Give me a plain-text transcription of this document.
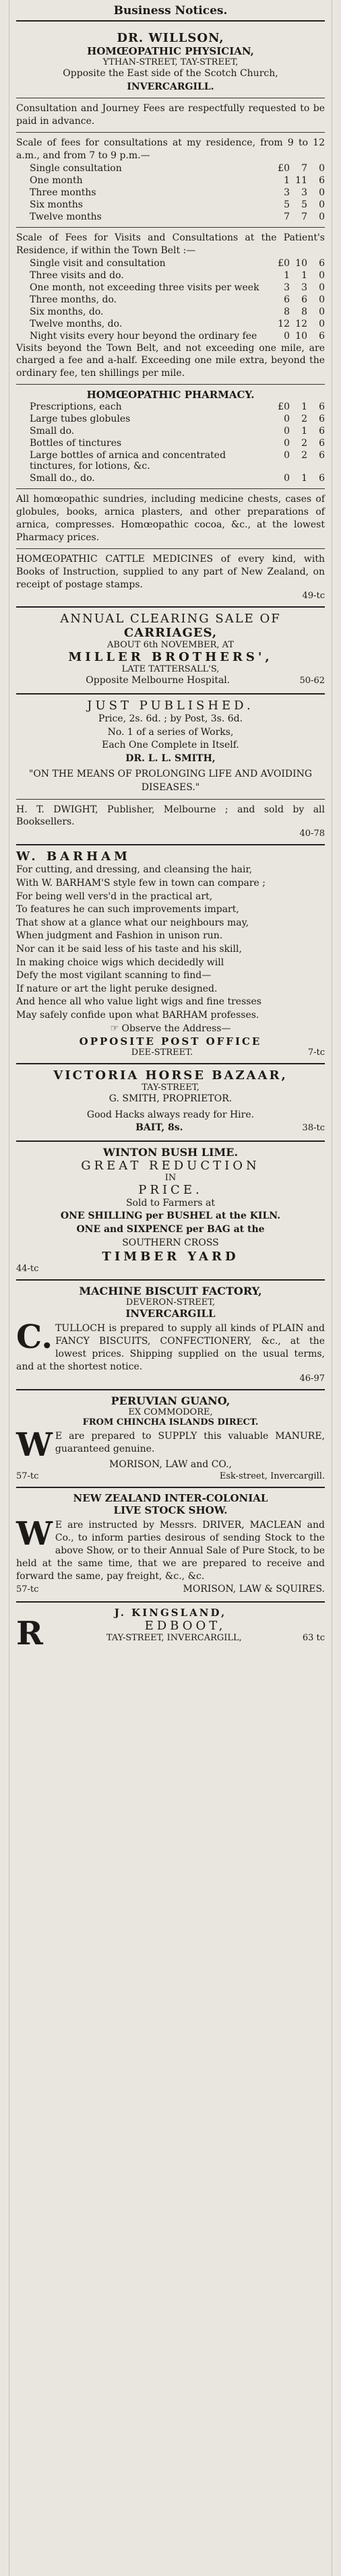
Business Notices.
DR. WILLSON,
HOMŒOPATHIC PHYSICIAN,
YTHAN-STREET, TAY-STREET,
Opposite the East side of the Scotch Church,
INVERCARGILL.
Consultation and Journey Fees are respectfully requested to be paid in advance.
Scale of fees for consultations at my residence, from 9 to 12 a.m., and from 7 to 9 p.m.—
Single consultation	£0	7	0
One month	1	11	6
Three months	3	3	0
Six months	5	5	0
Twelve months	7	7	0
Scale of Fees for Visits and Consultations at the Patient's Residence, if within the Town Belt :—
Single visit and consultation	£0	10	6
Three visits and do.	1	1	0
One month, not exceeding three visits per week	3	3	0
Three months, do.	6	6	0
Six months, do.	8	8	0
Twelve months, do.	12	12	0
Night visits every hour beyond the ordinary fee	0	10	6
Visits beyond the Town Belt, and not exceeding one mile, are charged a fee and a-half. Exceeding one mile extra, beyond the ordinary fee, ten shillings per mile.
HOMŒOPATHIC PHARMACY.
Prescriptions, each	£0	1	6
Large tubes globules	0	2	6
Small do.	0	1	6
Bottles of tinctures	0	2	6
Large bottles of arnica and concentrated tinctures, for lotions, &c.	0	2	6
Small do., do.	0	1	6
All homœopathic sundries, including medicine chests, cases of globules, books, arnica plasters, and other preparations of arnica, compresses. Homœopathic cocoa, &c., at the lowest Pharmacy prices.
HOMŒOPATHIC CATTLE MEDICINES of every kind, with Books of Instruction, supplied to any part of New Zealand, on receipt of postage stamps.
49-tc
ANNUAL CLEARING SALE OF
CARRIAGES,
ABOUT 6th NOVEMBER, AT
MILLER BROTHERS',
LATE TATTERSALL'S,
Opposite Melbourne Hospital.	50-62
JUST PUBLISHED.
Price, 2s. 6d. ; by Post, 3s. 6d.
No. 1 of a series of Works,
Each One Complete in Itself.
DR. L. L. SMITH,
"ON THE MEANS OF PROLONGING LIFE AND AVOIDING DISEASES."
H. T. DWIGHT, Publisher, Melbourne ; and sold by all Booksellers.
40-78
W. BARHAM
For cutting, and dressing, and cleansing the hair,
With W. BARHAM'S style few in town can compare ;
For being well vers'd in the practical art,
To features he can such improvements impart,
That show at a glance what our neighbours may,
When judgment and Fashion in unison run.
Nor can it be said less of his taste and his skill,
In making choice wigs which decidedly will
Defy the most vigilant scanning to find—
If nature or art the light peruke designed.
And hence all who value light wigs and fine tresses
May safely confide upon what BARHAM professes.
☞ Observe the Address—
OPPOSITE POST OFFICE
DEE-STREET.	7-tc
VICTORIA HORSE BAZAAR,
TAY-STREET,
G. SMITH, PROPRIETOR.
Good Hacks always ready for Hire.
BAIT, 8s.	38-tc
WINTON BUSH LIME.
GREAT REDUCTION
IN
PRICE.
Sold to Farmers at
ONE SHILLING per BUSHEL at the KILN.
ONE and SIXPENCE per BAG at the
SOUTHERN CROSS
TIMBER YARD
44-tc
MACHINE BISCUIT FACTORY,
DEVERON-STREET,
INVERCARGILL
C. TULLOCH is prepared to supply all kinds of PLAIN and FANCY BISCUITS, CONFECTIONERY, &c., at the lowest prices. Shipping supplied on the usual terms, and at the shortest notice.
46-97
PERUVIAN GUANO,
EX COMMODORE,
FROM CHINCHA ISLANDS DIRECT.
W E are prepared to SUPPLY this valuable MANURE, guaranteed genuine.
MORISON, LAW and CO.,
57-tc	Esk-street, Invercargill.
NEW ZEALAND INTER-COLONIAL
LIVE STOCK SHOW.
W E are instructed by Messrs. DRIVER, MACLEAN and Co., to inform parties desirous of sending Stock to the above Show, or to their Annual Sale of Pure Stock, to be held at the same time, that we are prepared to receive and forward the same, pay freight, &c., &c.
57-tc	MORISON, LAW & SQUIRES.
J. KINGSLAND,
R	EDBOOT,
TAY-STREET, INVERCARGILL,	63 tc
